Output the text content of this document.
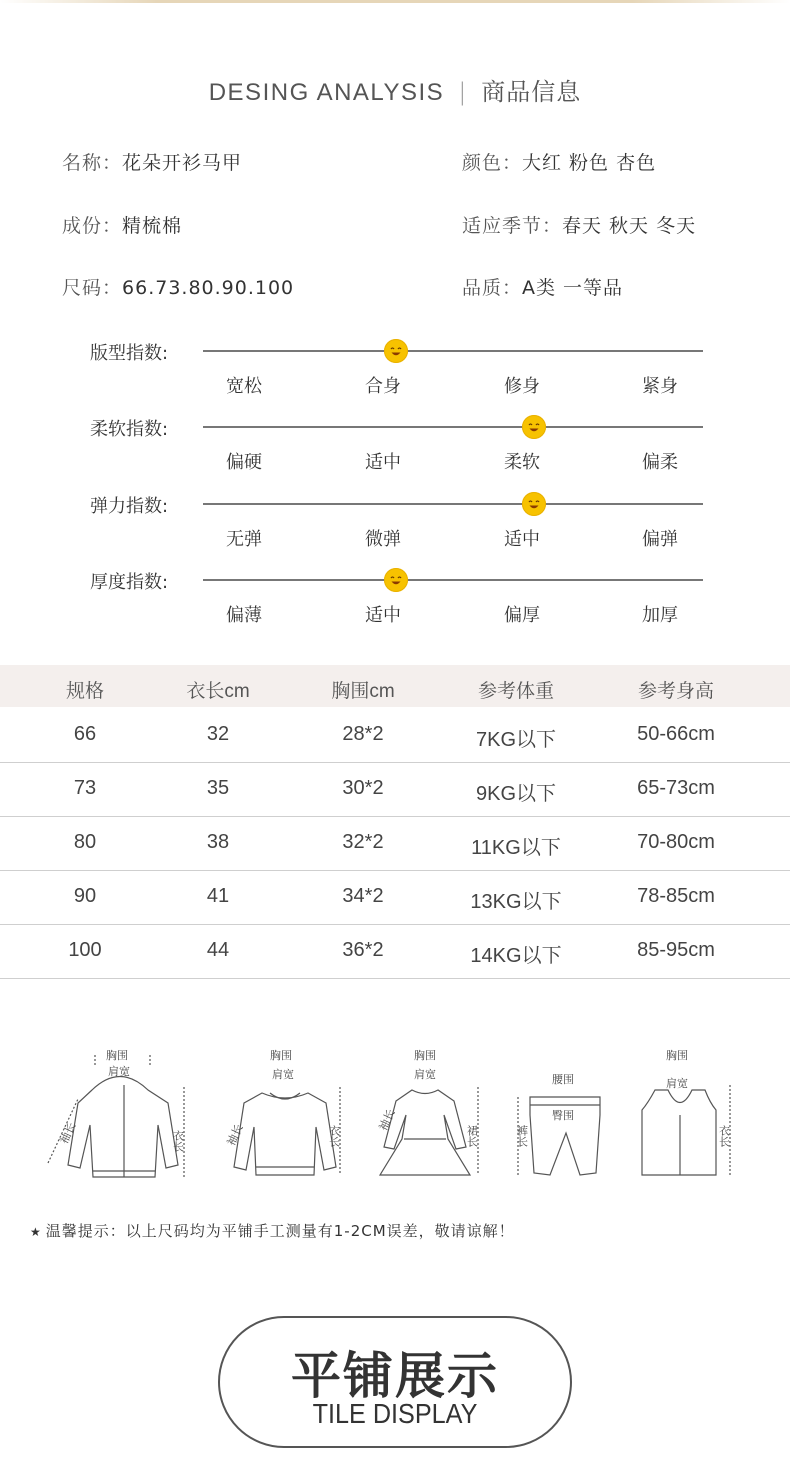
DESING ANALYSIS | 商品信息
名称：花朵开衫马甲	颜色：大红 粉色 杏色
成份：精梳棉	适应季节：春天 秋天 冬天
尺码：66.73.80.90.100	品质：A类 一等品
版型指数:
宽松	合身	修身	紧身
柔软指数:
偏硬	适中	柔软	偏柔
弹力指数:
无弹	微弹	适中	偏弹
厚度指数:
偏薄	适中	偏厚	加厚
规格	衣长cm	胸围cm	参考体重	参考身高
66	32	28*2	7KG以下	50-66cm
73	35	30*2	9KG以下	65-73cm
80	38	32*2	11KG以下	70-80cm
90	41	34*2	13KG以下	78-85cm
100	44	36*2	14KG以下	85-95cm
胸围
肩宽
衣长
袖长
胸围
肩宽
衣长
袖长
胸围
肩宽
裙长
袖长
腰围
臀围
裤长
胸围
肩宽
衣长
★ 温馨提示：以上尺码均为平铺手工测量有1-2CM误差，敬请谅解！
平铺展示
TILE DISPLAY
